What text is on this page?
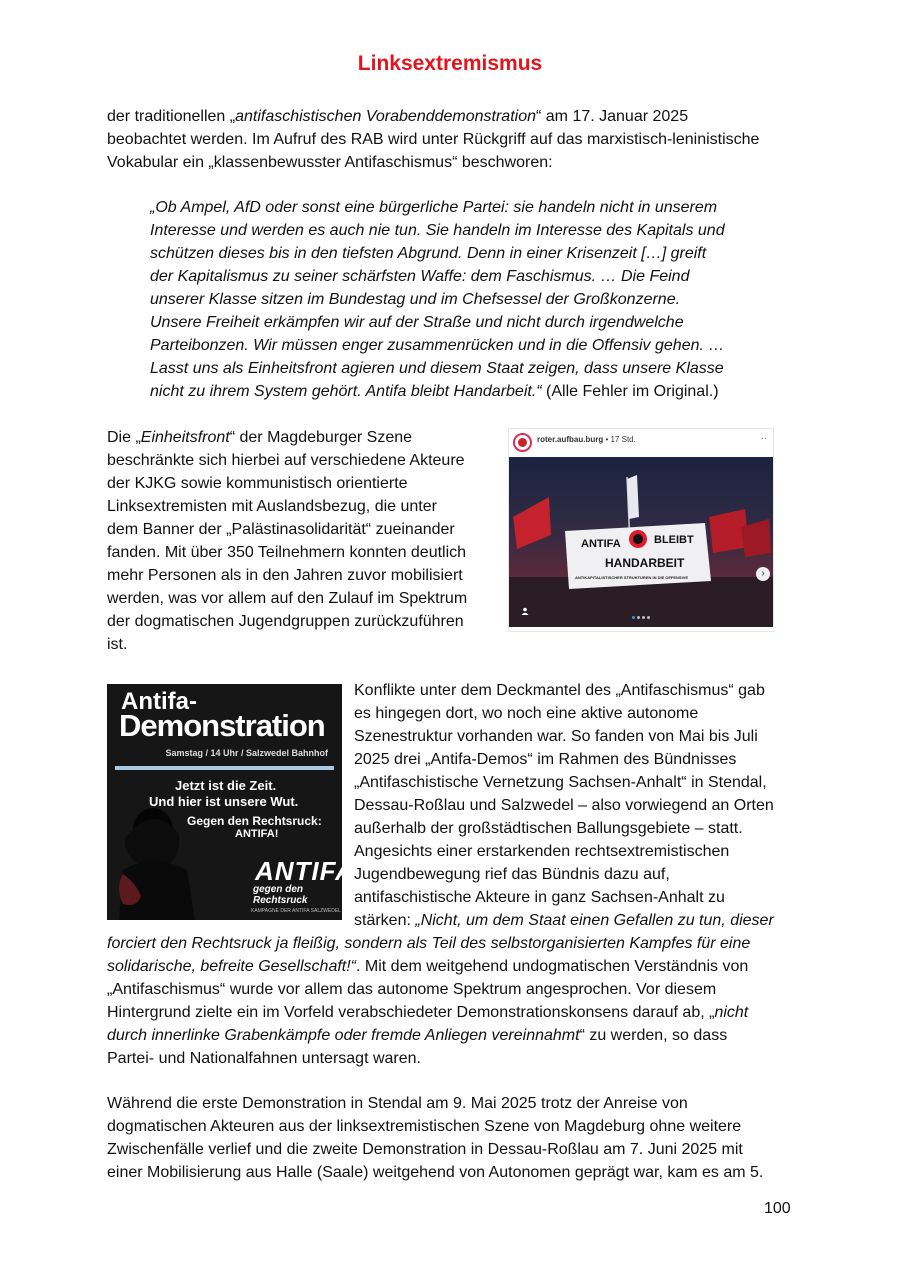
Linksextremismus
der traditionellen „antifaschistischen Vorabenddemonstration“ am 17. Januar 2025
beobachtet werden. Im Aufruf des RAB wird unter Rückgriff auf das marxistisch-leninistische
Vokabular ein „klassenbewusster Antifaschismus“ beschworen:
„Ob Ampel, AfD oder sonst eine bürgerliche Partei: sie handeln nicht in unserem
Interesse und werden es auch nie tun. Sie handeln im Interesse des Kapitals und
schützen dieses bis in den tiefsten Abgrund. Denn in einer Krisenzeit […] greift
der Kapitalismus zu seiner schärfsten Waffe: dem Faschismus. … Die Feind
unserer Klasse sitzen im Bundestag und im Chefsessel der Großkonzerne.
Unsere Freiheit erkämpfen wir auf der Straße und nicht durch irgendwelche
Parteibonzen. Wir müssen enger zusammenrücken und in die Offensiv gehen. …
Lasst uns als Einheitsfront agieren und diesem Staat zeigen, dass unsere Klasse
nicht zu ihrem System gehört. Antifa bleibt Handarbeit.“ (Alle Fehler im Original.)
Die „Einheitsfront“ der Magdeburger Szene
beschränkte sich hierbei auf verschiedene Akteure
der KJKG sowie kommunistisch orientierte
Linksextremisten mit Auslandsbezug, die unter
dem Banner der „Palästinasolidarität“ zueinander
fanden. Mit über 350 Teilnehmern konnten deutlich
mehr Personen als in den Jahren zuvor mobilisiert
werden, was vor allem auf den Zulauf im Spektrum
der dogmatischen Jugendgruppen zurückzuführen
ist.
roter.aufbau.burg • 17 Std.	··
ANTIFA	BLEIBT
HANDARBEIT
ANTIKAPITALISTISCHER STRUKTUREN IN DIE OFFENSIVE	›
Antifa-
Demonstration
Samstag / 14 Uhr / Salzwedel Bahnhof
Jetzt ist die Zeit.
Und hier ist unsere Wut.
Gegen den Rechtsruck:
ANTIFA!
ANTIFA
gegen den Rechtsruck
KAMPAGNE DER ANTIFA SALZWEDEL
Konflikte unter dem Deckmantel des „Antifaschismus“ gab
es hingegen dort, wo noch eine aktive autonome
Szenestruktur vorhanden war. So fanden von Mai bis Juli
2025 drei „Antifa-Demos“ im Rahmen des Bündnisses
„Antifaschistische Vernetzung Sachsen-Anhalt“ in Stendal,
Dessau-Roßlau und Salzwedel – also vorwiegend an Orten
außerhalb der großstädtischen Ballungsgebiete – statt.
Angesichts einer erstarkenden rechtsextremistischen
Jugendbewegung rief das Bündnis dazu auf,
antifaschistische Akteure in ganz Sachsen-Anhalt zu
stärken: „Nicht, um dem Staat einen Gefallen zu tun, dieser
forciert den Rechtsruck ja fleißig, sondern als Teil des selbstorganisierten Kampfes für eine
solidarische, befreite Gesellschaft!“. Mit dem weitgehend undogmatischen Verständnis von
„Antifaschismus“ wurde vor allem das autonome Spektrum angesprochen. Vor diesem
Hintergrund zielte ein im Vorfeld verabschiedeter Demonstrationskonsens darauf ab, „nicht
durch innerlinke Grabenkämpfe oder fremde Anliegen vereinnahmt“ zu werden, so dass
Partei- und Nationalfahnen untersagt waren.
Während die erste Demonstration in Stendal am 9. Mai 2025 trotz der Anreise von
dogmatischen Akteuren aus der linksextremistischen Szene von Magdeburg ohne weitere
Zwischenfälle verlief und die zweite Demonstration in Dessau-Roßlau am 7. Juni 2025 mit
einer Mobilisierung aus Halle (Saale) weitgehend von Autonomen geprägt war, kam es am 5.
100
